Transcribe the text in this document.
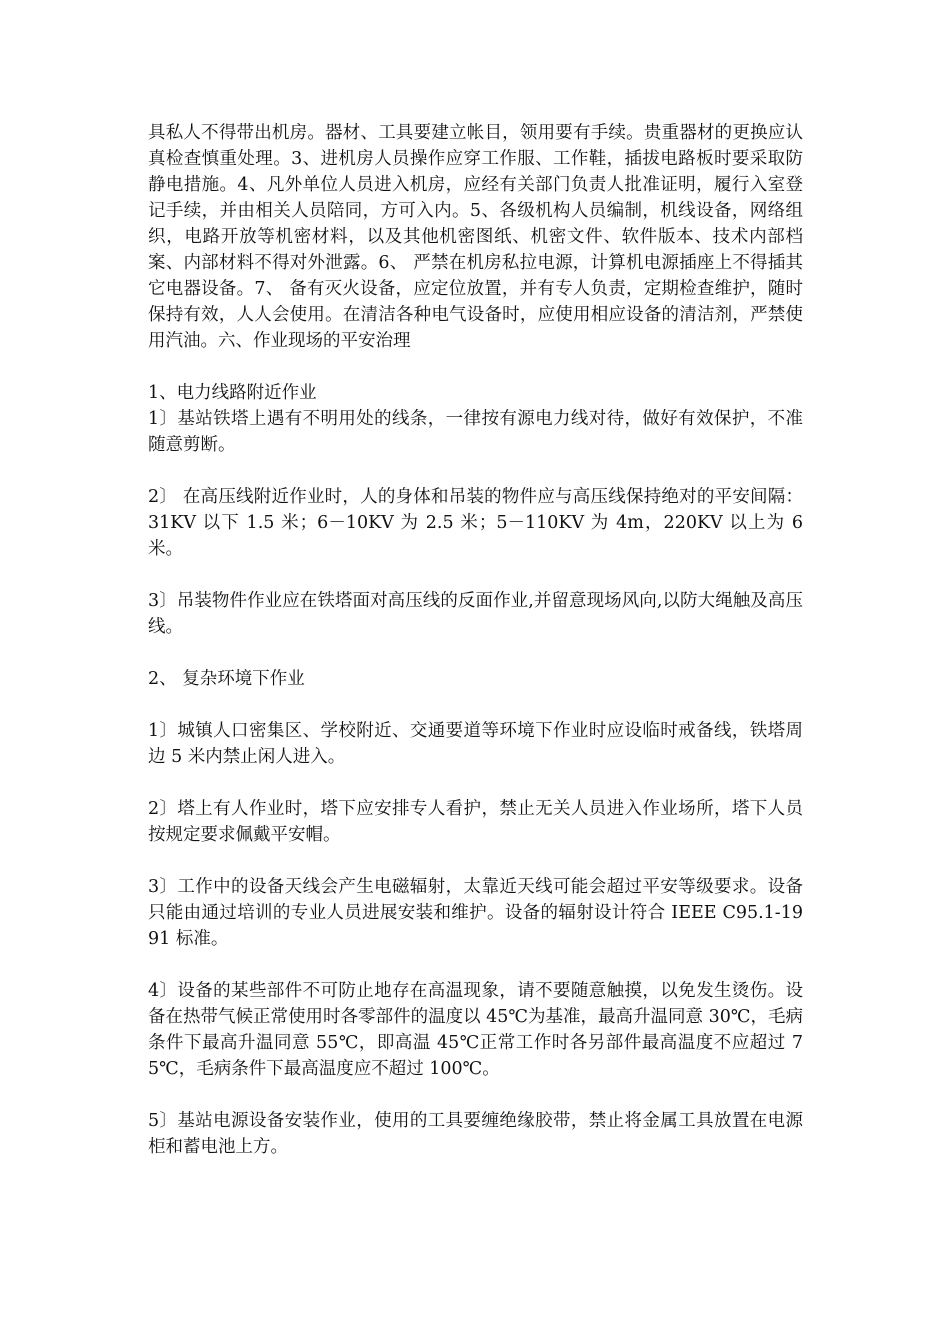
具私人不得带出机房。器材、工具要建立帐目，领用要有手续。贵重器材的更换应认真检查慎重处理。3、进机房人员操作应穿工作服、工作鞋，插拔电路板时要采取防静电措施。4、凡外单位人员进入机房，应经有关部门负责人批准证明，履行入室登记手续，并由相关人员陪同，方可入内。5、各级机构人员编制，机线设备，网络组织，电路开放等机密材料，以及其他机密图纸、机密文件、软件版本、技术内部档案、内部材料不得对外泄露。6、 严禁在机房私拉电源，计算机电源插座上不得插其它电器设备。7、 备有灭火设备，应定位放置，并有专人负责，定期检查维护，随时保持有效，人人会使用。在清洁各种电气设备时，应使用相应设备的清洁剂，严禁使用汽油。六、作业现场的平安治理

1、电力线路附近作业

1〕基站铁塔上遇有不明用处的线条，一律按有源电力线对待，做好有效保护，不准随意剪断。

2〕 在高压线附近作业时，人的身体和吊装的物件应与高压线保持绝对的平安间隔：31KV 以下 1.5 米；6－10KV 为 2.5 米；5－110KV 为 4m，220KV 以上为 6 米。

3〕吊装物件作业应在铁塔面对高压线的反面作业,并留意现场风向,以防大绳触及高压线。

2、 复杂环境下作业

1〕城镇人口密集区、学校附近、交通要道等环境下作业时应设临时戒备线，铁塔周边 5 米内禁止闲人进入。

2〕塔上有人作业时，塔下应安排专人看护，禁止无关人员进入作业场所，塔下人员按规定要求佩戴平安帽。

3〕工作中的设备天线会产生电磁辐射，太靠近天线可能会超过平安等级要求。设备只能由通过培训的专业人员进展安装和维护。设备的辐射设计符合 IEEE C95.1-1991 标准。

4〕设备的某些部件不可防止地存在高温现象，请不要随意触摸，以免发生烫伤。设备在热带气候正常使用时各零部件的温度以 45℃为基准，最高升温同意 30℃，毛病条件下最高升温同意 55℃，即高温 45℃正常工作时各另部件最高温度不应超过 75℃，毛病条件下最高温度应不超过 100℃。

5〕基站电源设备安装作业，使用的工具要缠绝缘胶带，禁止将金属工具放置在电源柜和蓄电池上方。
